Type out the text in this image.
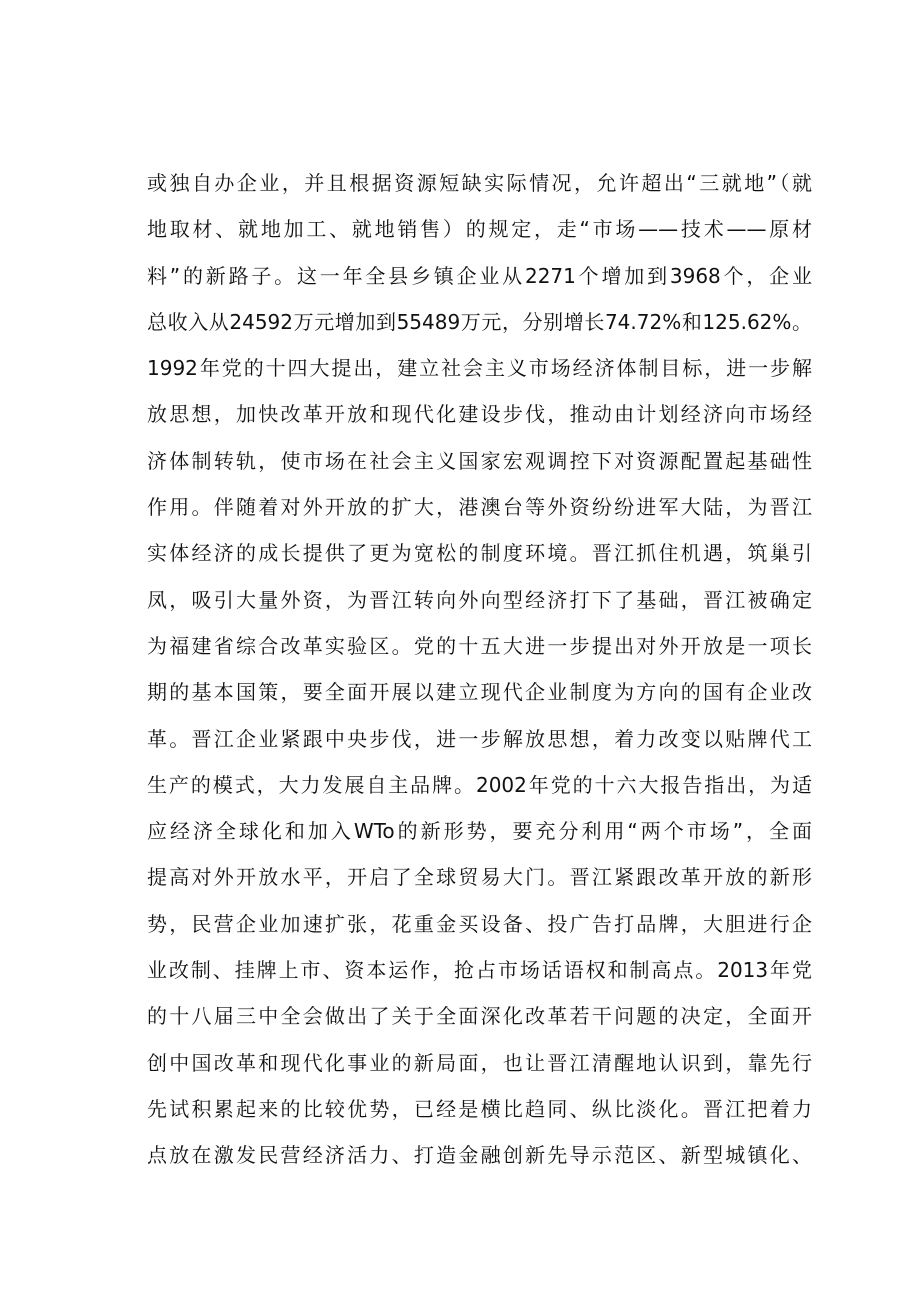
或独自办企业，并且根据资源短缺实际情况，允许超出“三就地”（就
地取材、就地加工、就地销售）的规定，走“市场——技术——原材
料”的新路子。这一年全县乡镇企业从2271个增加到3968个，企业
总收入从24592万元增加到55489万元，分别增长74.72%和125.62%。
1992年党的十四大提出，建立社会主义市场经济体制目标，进一步解
放思想，加快改革开放和现代化建设步伐，推动由计划经济向市场经
济体制转轨，使市场在社会主义国家宏观调控下对资源配置起基础性
作用。伴随着对外开放的扩大，港澳台等外资纷纷进军大陆，为晋江
实体经济的成长提供了更为宽松的制度环境。晋江抓住机遇，筑巢引
凤，吸引大量外资，为晋江转向外向型经济打下了基础，晋江被确定
为福建省综合改革实验区。党的十五大进一步提出对外开放是一项长
期的基本国策，要全面开展以建立现代企业制度为方向的国有企业改
革。晋江企业紧跟中央步伐，进一步解放思想，着力改变以贴牌代工
生产的模式，大力发展自主品牌。2002年党的十六大报告指出，为适
应经济全球化和加入WTo的新形势，要充分利用“两个市场”，全面
提高对外开放水平，开启了全球贸易大门。晋江紧跟改革开放的新形
势，民营企业加速扩张，花重金买设备、投广告打品牌，大胆进行企
业改制、挂牌上市、资本运作，抢占市场话语权和制高点。2013年党
的十八届三中全会做出了关于全面深化改革若干问题的决定，全面开
创中国改革和现代化事业的新局面，也让晋江清醒地认识到，靠先行
先试积累起来的比较优势，已经是横比趋同、纵比淡化。晋江把着力
点放在激发民营经济活力、打造金融创新先导示范区、新型城镇化、
